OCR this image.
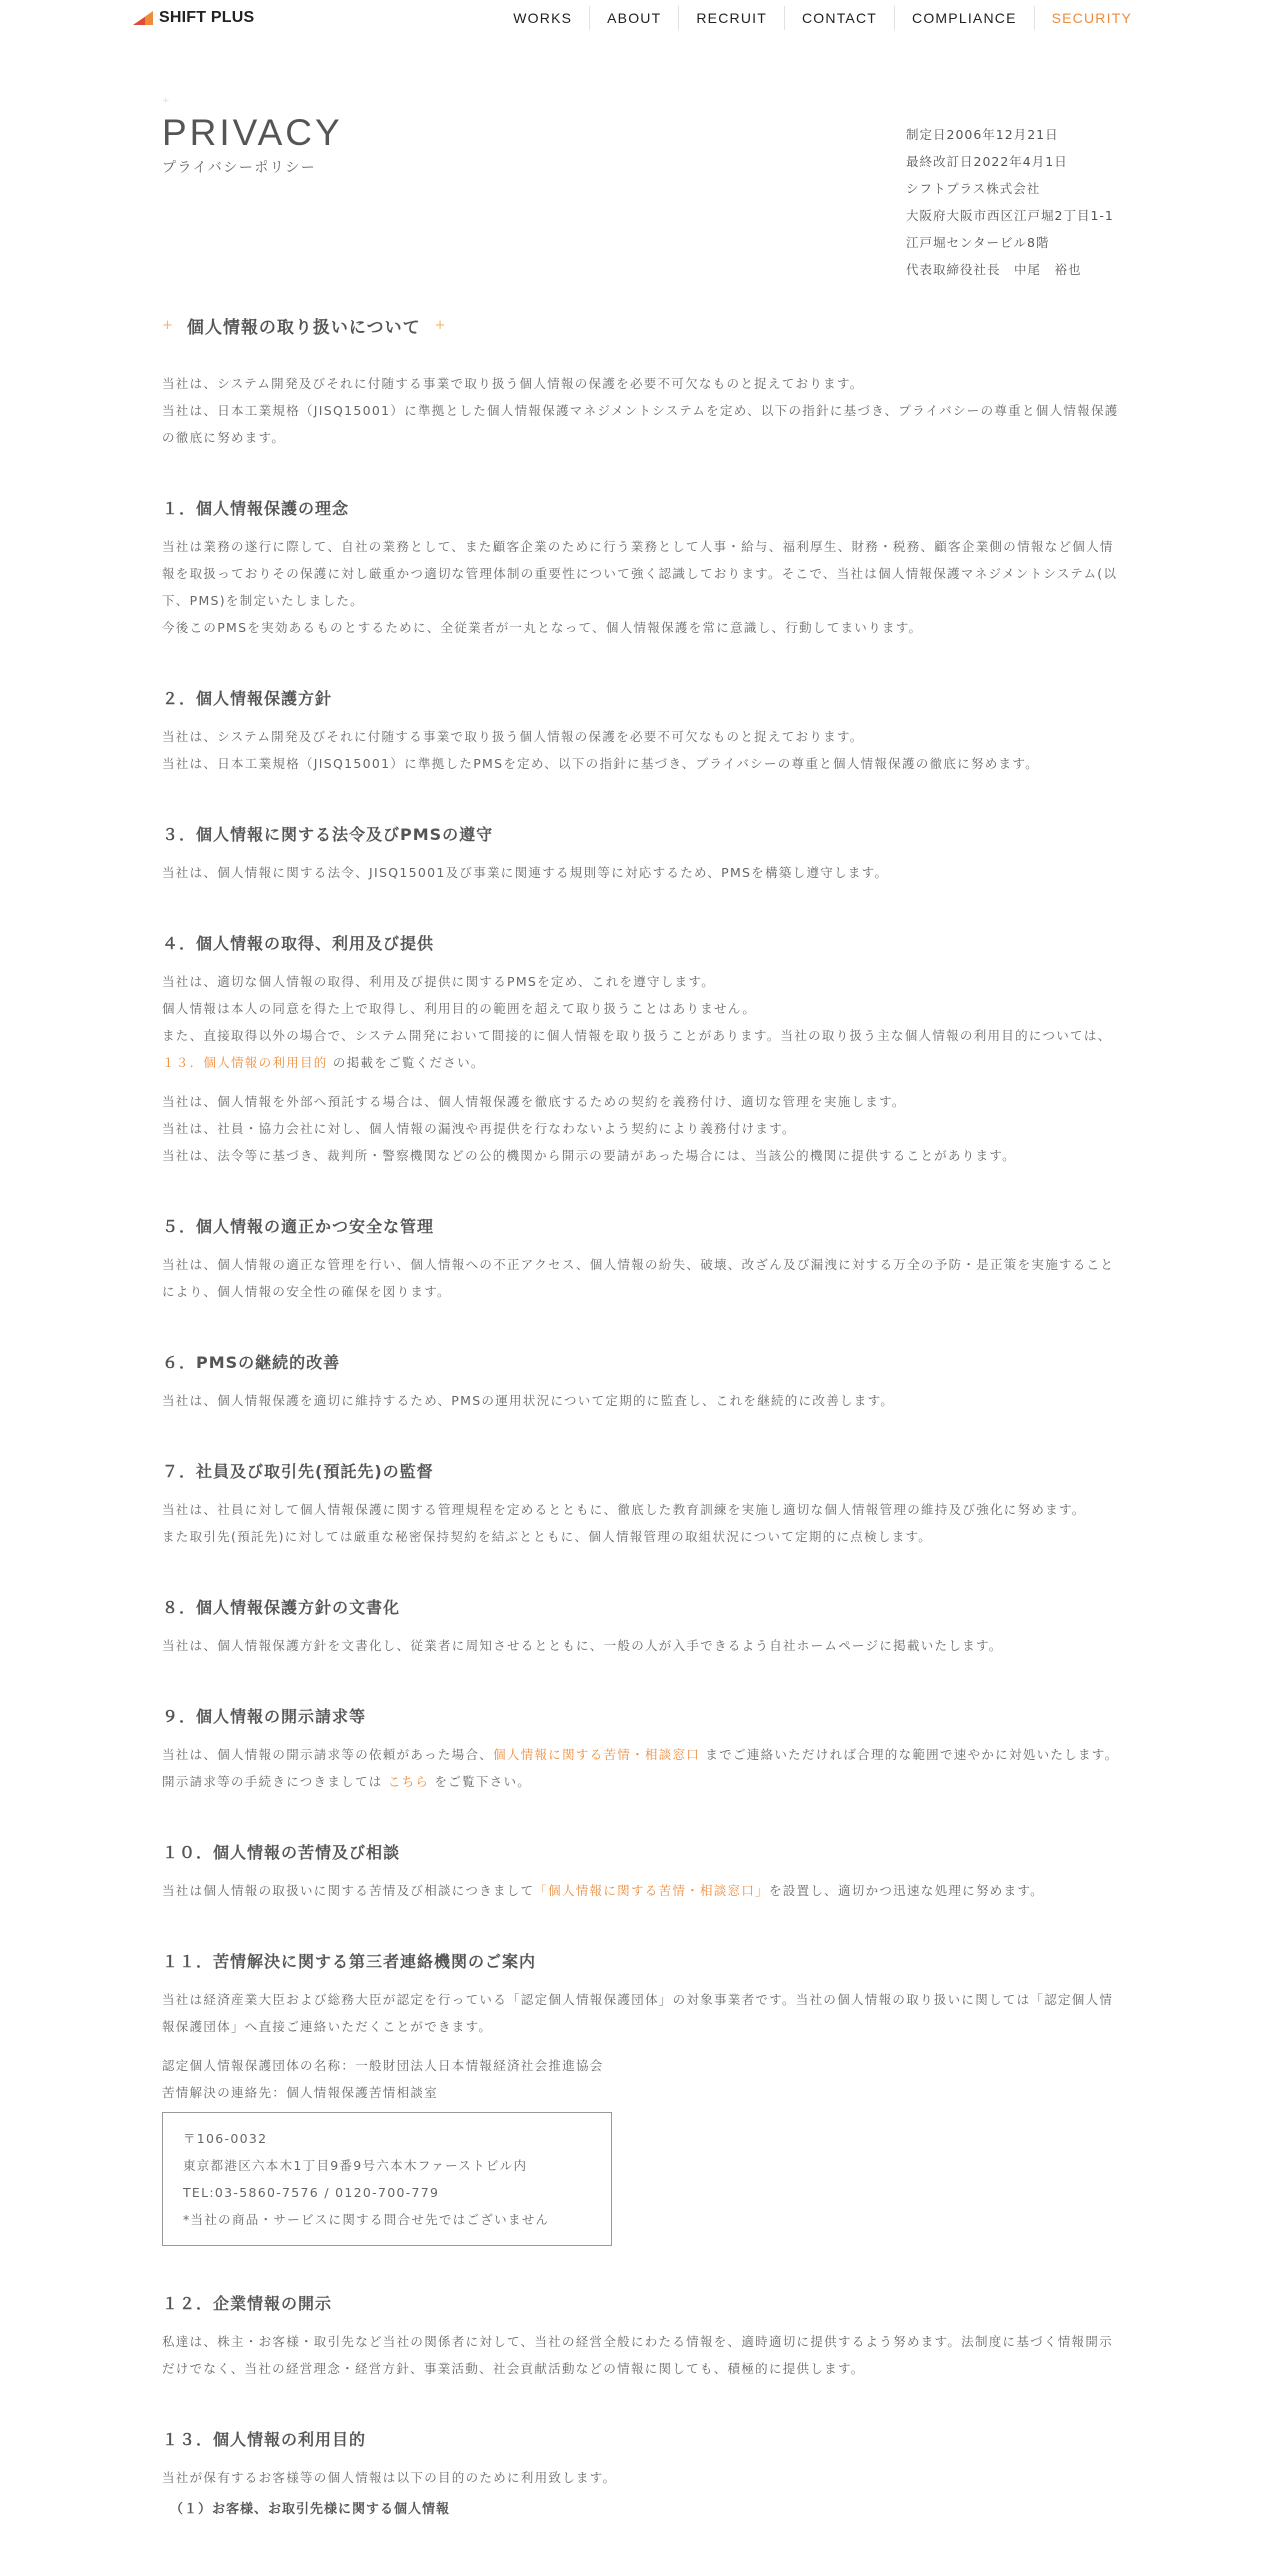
SHIFT PLUS	WORKS	ABOUT	RECRUIT	CONTACT	COMPLIANCE	SECURITY
+
PRIVACY
プライバシーポリシー
制定日2006年12月21日
最終改訂日2022年4月1日
シフトプラス株式会社
大阪府大阪市西区江戸堀2丁目1-1
江戸堀センタービル8階
代表取締役社長　中尾　裕也
+ 個人情報の取り扱いについて +

当社は、システム開発及びそれに付随する事業で取り扱う個人情報の保護を必要不可欠なものと捉えております。

当社は、日本工業規格（JISQ15001）に準拠とした個人情報保護マネジメントシステムを定め、以下の指針に基づき、プライバシーの尊重と個人情報保護の徹底に努めます。

１．個人情報保護の理念

当社は業務の遂行に際して、自社の業務として、また顧客企業のために行う業務として人事・給与、福利厚生、財務・税務、顧客企業側の情報など個人情報を取扱っておりその保護に対し厳重かつ適切な管理体制の重要性について強く認識しております。そこで、当社は個人情報保護マネジメントシステム(以下、PMS)を制定いたしました。

今後このPMSを実効あるものとするために、全従業者が一丸となって、個人情報保護を常に意識し、行動してまいります。

２．個人情報保護方針

当社は、システム開発及びそれに付随する事業で取り扱う個人情報の保護を必要不可欠なものと捉えております。

当社は、日本工業規格（JISQ15001）に準拠したPMSを定め、以下の指針に基づき、プライバシーの尊重と個人情報保護の徹底に努めます。

３．個人情報に関する法令及びPMSの遵守

当社は、個人情報に関する法令、JISQ15001及び事業に関連する規則等に対応するため、PMSを構築し遵守します。

４．個人情報の取得、利用及び提供

当社は、適切な個人情報の取得、利用及び提供に関するPMSを定め、これを遵守します。

個人情報は本人の同意を得た上で取得し、利用目的の範囲を超えて取り扱うことはありません。

また、直接取得以外の場合で、システム開発において間接的に個人情報を取り扱うことがあります。当社の取り扱う主な個人情報の利用目的については、１３．個人情報の利用目的 の掲載をご覧ください。

当社は、個人情報を外部へ預託する場合は、個人情報保護を徹底するための契約を義務付け、適切な管理を実施します。

当社は、社員・協力会社に対し、個人情報の漏洩や再提供を行なわないよう契約により義務付けます。

当社は、法令等に基づき、裁判所・警察機関などの公的機関から開示の要請があった場合には、当該公的機関に提供することがあります。

５．個人情報の適正かつ安全な管理

当社は、個人情報の適正な管理を行い、個人情報への不正アクセス、個人情報の紛失、破壊、改ざん及び漏洩に対する万全の予防・是正策を実施することにより、個人情報の安全性の確保を図ります。

６．PMSの継続的改善

当社は、個人情報保護を適切に維持するため、PMSの運用状況について定期的に監査し、これを継続的に改善します。

７．社員及び取引先(預託先)の監督

当社は、社員に対して個人情報保護に関する管理規程を定めるとともに、徹底した教育訓練を実施し適切な個人情報管理の維持及び強化に努めます。

また取引先(預託先)に対しては厳重な秘密保持契約を結ぶとともに、個人情報管理の取組状況について定期的に点検します。

８．個人情報保護方針の文書化

当社は、個人情報保護方針を文書化し、従業者に周知させるとともに、一般の人が入手できるよう自社ホームページに掲載いたします。

９．個人情報の開示請求等

当社は、個人情報の開示請求等の依頼があった場合、個人情報に関する苦情・相談窓口 までご連絡いただければ合理的な範囲で速やかに対処いたします。開示請求等の手続きにつきましては こちら をご覧下さい。

１０．個人情報の苦情及び相談

当社は個人情報の取扱いに関する苦情及び相談につきまして「個人情報に関する苦情・相談窓口」を設置し、適切かつ迅速な処理に努めます。

１１．苦情解決に関する第三者連絡機関のご案内

当社は経済産業大臣および総務大臣が認定を行っている「認定個人情報保護団体」の対象事業者です。当社の個人情報の取り扱いに関しては「認定個人情報保護団体」へ直接ご連絡いただくことができます。

認定個人情報保護団体の名称：一般財団法人日本情報経済社会推進協会

苦情解決の連絡先：個人情報保護苦情相談室

〒106-0032

東京都港区六本木1丁目9番9号六本木ファーストビル内

TEL:03-5860-7576 / 0120-700-779

*当社の商品・サービスに関する問合せ先ではございません

１２．企業情報の開示

私達は、株主・お客様・取引先など当社の関係者に対して、当社の経営全般にわたる情報を、適時適切に提供するよう努めます。法制度に基づく情報開示だけでなく、当社の経営理念・経営方針、事業活動、社会貢献活動などの情報に関しても、積極的に提供します。

１３．個人情報の利用目的

当社が保有するお客様等の個人情報は以下の目的のために利用致します。

（１）お客様、お取引先様に関する個人情報
